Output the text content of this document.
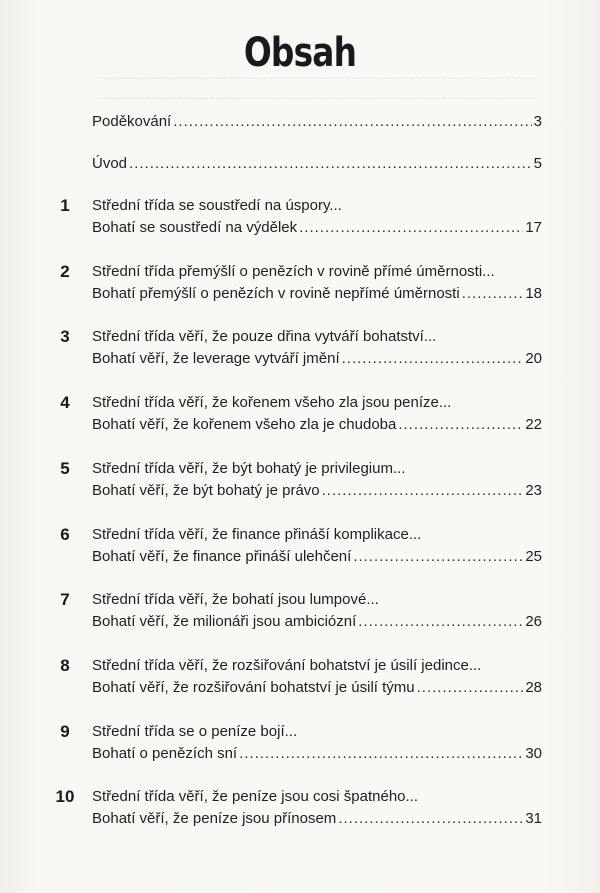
~~~~~~~~~~~~~~~~~~~~~~~~~~~~~~~~~~~~~~~~~~~~~~~~~~~~~~~~~~~~~~~~~~~~
~~~~~~~~~~~~~~~~~~~~~~~~~~~~~~~~~~~~~~~~~~~~~~~~~~~~~~~~~~~~~~~~~~~~
Obsah
Poděkování .....	3
Úvod .....	5
1	Střední třída se soustředí na úspory...
Bohatí se soustředí na výdělek .....	17
2	Střední třída přemýšlí o penězích v rovině přímé úměrnosti...
Bohatí přemýšlí o penězích v rovině nepřímé úměrnosti .....	18
3	Střední třída věří, že pouze dřina vytváří bohatství...
Bohatí věří, že leverage vytváří jmění .....	20
4	Střední třída věří, že kořenem všeho zla jsou peníze...
Bohatí věří, že kořenem všeho zla je chudoba .....	22
5	Střední třída věří, že být bohatý je privilegium...
Bohatí věří, že být bohatý je právo .....	23
6	Střední třída věří, že finance přináší komplikace...
Bohatí věří, že finance přináší ulehčení .....	25
7	Střední třída věří, že bohatí jsou lumpové...
Bohatí věří, že milionáři jsou ambiciózní .....	26
8	Střední třída věří, že rozšiřování bohatství je úsilí jedince...
Bohatí věří, že rozšiřování bohatství je úsilí týmu .....	28
9	Střední třída se o peníze bojí...
Bohatí o penězích sní .....	30
10	Střední třída věří, že peníze jsou cosi špatného...
Bohatí věří, že peníze jsou přínosem .....	31
